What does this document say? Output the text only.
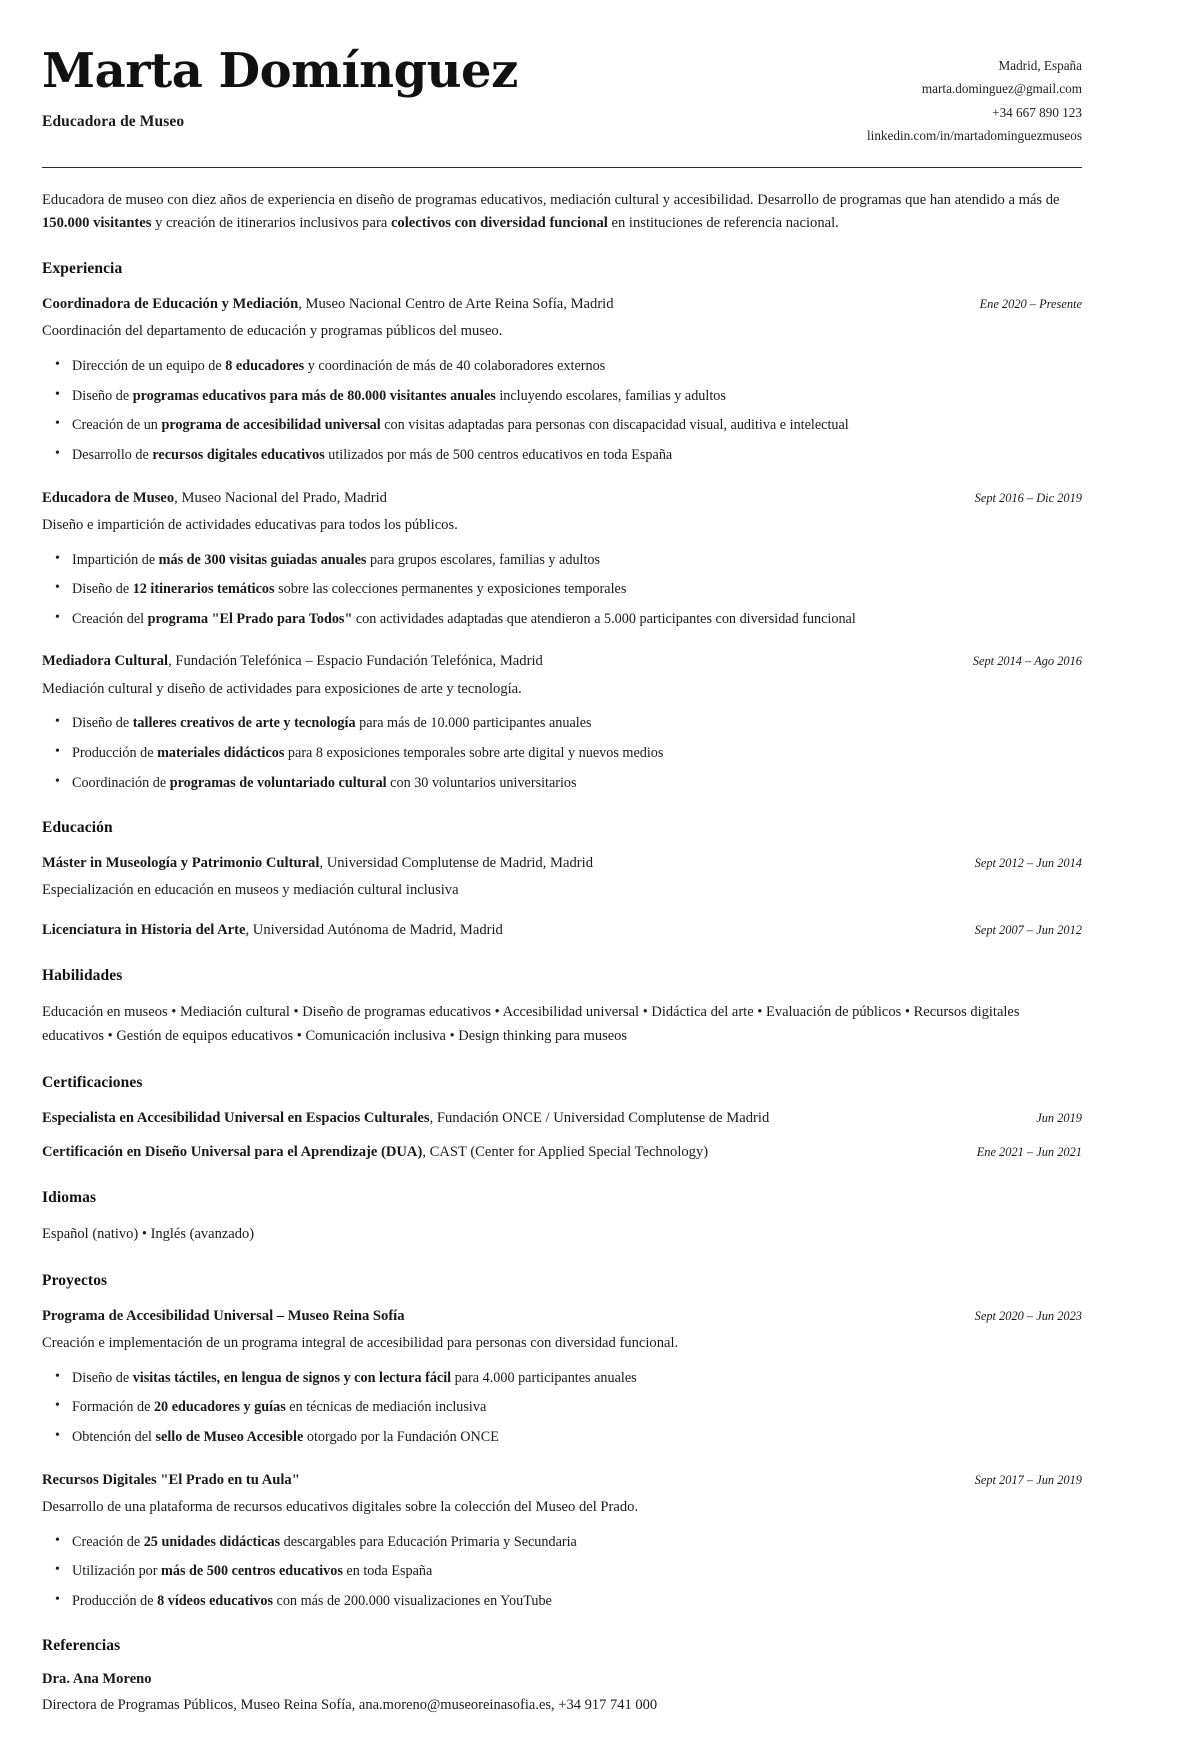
Marta Domínguez
Educadora de Museo
Madrid, España
marta.dominguez@gmail.com
+34 667 890 123
linkedin.com/in/martadominguezmuseos

Educadora de museo con diez años de experiencia en diseño de programas educativos, mediación cultural y accesibilidad. Desarrollo de programas que han atendido a más de 150.000 visitantes y creación de itinerarios inclusivos para colectivos con diversidad funcional en instituciones de referencia nacional.

Experiencia
Coordinadora de Educación y Mediación, Museo Nacional Centro de Arte Reina Sofía, Madrid	Ene 2020 – Presente
Coordinación del departamento de educación y programas públicos del museo.
• Dirección de un equipo de 8 educadores y coordinación de más de 40 colaboradores externos
• Diseño de programas educativos para más de 80.000 visitantes anuales incluyendo escolares, familias y adultos
• Creación de un programa de accesibilidad universal con visitas adaptadas para personas con discapacidad visual, auditiva e intelectual
• Desarrollo de recursos digitales educativos utilizados por más de 500 centros educativos en toda España
Educadora de Museo, Museo Nacional del Prado, Madrid	Sept 2016 – Dic 2019
Diseño e impartición de actividades educativas para todos los públicos.
• Impartición de más de 300 visitas guiadas anuales para grupos escolares, familias y adultos
• Diseño de 12 itinerarios temáticos sobre las colecciones permanentes y exposiciones temporales
• Creación del programa "El Prado para Todos" con actividades adaptadas que atendieron a 5.000 participantes con diversidad funcional
Mediadora Cultural, Fundación Telefónica – Espacio Fundación Telefónica, Madrid	Sept 2014 – Ago 2016
Mediación cultural y diseño de actividades para exposiciones de arte y tecnología.
• Diseño de talleres creativos de arte y tecnología para más de 10.000 participantes anuales
• Producción de materiales didácticos para 8 exposiciones temporales sobre arte digital y nuevos medios
• Coordinación de programas de voluntariado cultural con 30 voluntarios universitarios
Educación
Máster in Museología y Patrimonio Cultural, Universidad Complutense de Madrid, Madrid	Sept 2012 – Jun 2014
Especialización en educación en museos y mediación cultural inclusiva
Licenciatura in Historia del Arte, Universidad Autónoma de Madrid, Madrid	Sept 2007 – Jun 2012
Habilidades
Educación en museos • Mediación cultural • Diseño de programas educativos • Accesibilidad universal • Didáctica del arte • Evaluación de públicos • Recursos digitales educativos • Gestión de equipos educativos • Comunicación inclusiva • Design thinking para museos
Certificaciones
Especialista en Accesibilidad Universal en Espacios Culturales, Fundación ONCE / Universidad Complutense de Madrid	Jun 2019
Certificación en Diseño Universal para el Aprendizaje (DUA), CAST (Center for Applied Special Technology)	Ene 2021 – Jun 2021
Idiomas
Español (nativo) • Inglés (avanzado)
Proyectos
Programa de Accesibilidad Universal – Museo Reina Sofía	Sept 2020 – Jun 2023
Creación e implementación de un programa integral de accesibilidad para personas con diversidad funcional.
• Diseño de visitas táctiles, en lengua de signos y con lectura fácil para 4.000 participantes anuales
• Formación de 20 educadores y guías en técnicas de mediación inclusiva
• Obtención del sello de Museo Accesible otorgado por la Fundación ONCE
Recursos Digitales "El Prado en tu Aula"	Sept 2017 – Jun 2019
Desarrollo de una plataforma de recursos educativos digitales sobre la colección del Museo del Prado.
• Creación de 25 unidades didácticas descargables para Educación Primaria y Secundaria
• Utilización por más de 500 centros educativos en toda España
• Producción de 8 vídeos educativos con más de 200.000 visualizaciones en YouTube
Referencias
Dra. Ana Moreno
Directora de Programas Públicos, Museo Reina Sofía, ana.moreno@museoreinasofia.es, +34 917 741 000
